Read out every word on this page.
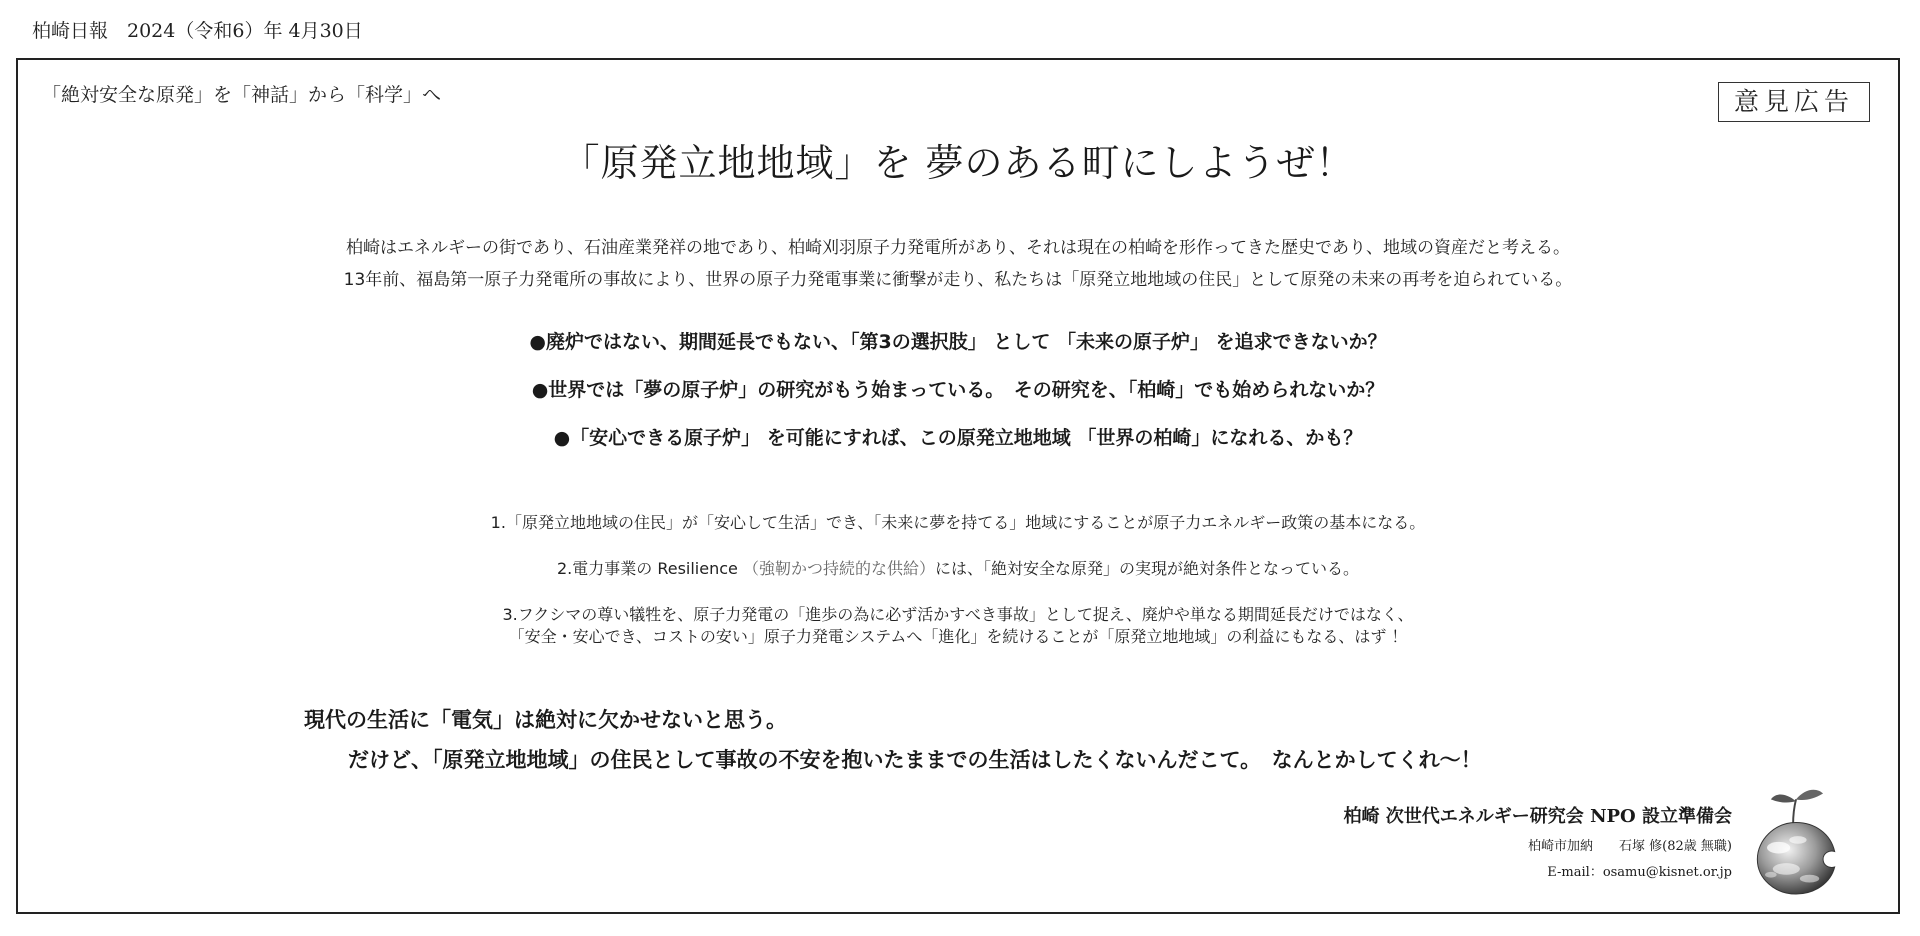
柏崎日報　2024（令和6）年 4月30日
「絶対安全な原発」を「神話」から「科学」へ	意見広告
「原発立地地域」を 夢のある町にしようぜ！
柏崎はエネルギーの街であり、石油産業発祥の地であり、柏崎刈羽原子力発電所があり、それは現在の柏崎を形作ってきた歴史であり、地域の資産だと考える。
13年前、福島第一原子力発電所の事故により、世界の原子力発電事業に衝撃が走り、私たちは「原発立地地域の住民」として原発の未来の再考を迫られている。
●廃炉ではない、期間延長でもない、「第3の選択肢」 として 「未来の原子炉」 を追求できないか？
●世界では「夢の原子炉」の研究がもう始まっている。　その研究を、「柏崎」でも始められないか？
●「安心できる原子炉」 を可能にすれば、この原発立地地域 「世界の柏崎」になれる、かも？
1.「原発立地地域の住民」が「安心して生活」でき、「未来に夢を持てる」地域にすることが原子力エネルギー政策の基本になる。
2.電力事業の Resilience （強靭かつ持続的な供給）には、「絶対安全な原発」の実現が絶対条件となっている。
3.フクシマの尊い犠牲を、原子力発電の「進歩の為に必ず活かすべき事故」として捉え、廃炉や単なる期間延長だけではなく、
「安全・安心でき、コストの安い」原子力発電システムへ「進化」を続けることが「原発立地地域」の利益にもなる、はず ！
現代の生活に「電気」は絶対に欠かせないと思う。
だけど、「原発立地地域」の住民として事故の不安を抱いたままでの生活はしたくないんだこて。　なんとかしてくれ～！
柏崎 次世代エネルギー研究会 NPO 設立準備会
柏崎市加納　　石塚 修(82歳 無職)
E-mail：osamu@kisnet.or.jp
